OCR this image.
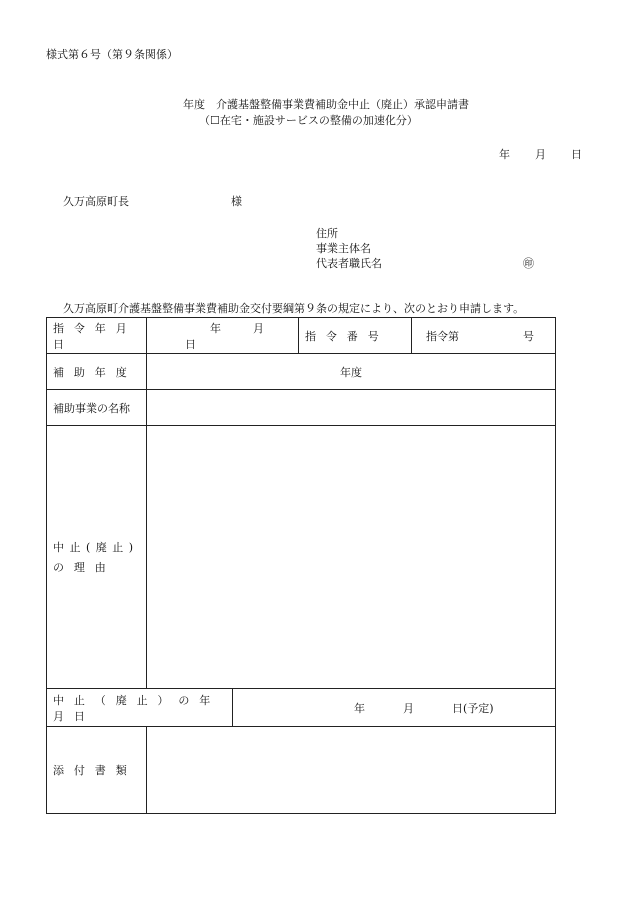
様式第６号（第９条関係）
年度　介護基盤整備事業費補助金中止（廃止）承認申請書
（☐在宅・施設サービスの整備の加速化分）
年 月 日
久万高原町長	様
住所
事業主体名
代表者職氏名	㊞
久万高原町介護基盤整備事業費補助金交付要綱第９条の規定により、次のとおり申請します。
指令年月日	年 月日		指令番号	指令第 号
補助年度	年度			
補助事業の名称				

中止(廃止)
の理由				

中止（廃止）の年月日		年 月 日(予定)		
添付書類				
